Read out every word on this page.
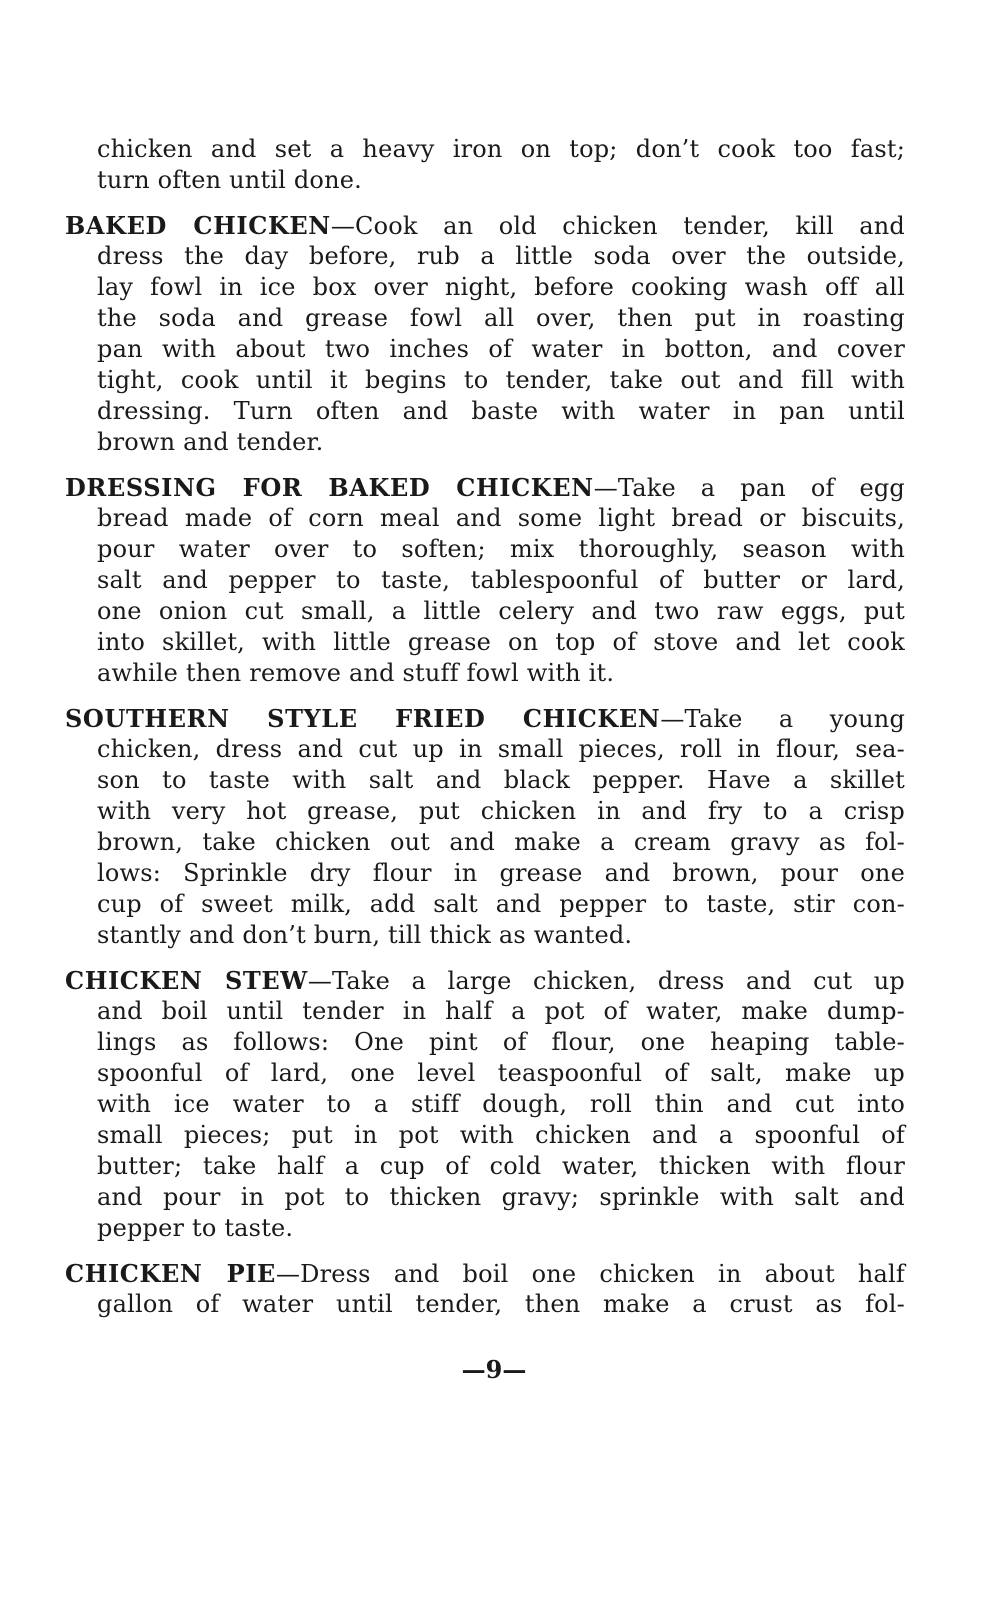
chicken and set a heavy iron on top; don’t cook too fast;
turn often until done.
BAKED CHICKEN—Cook an old chicken tender, kill and
dress the day before, rub a little soda over the outside,
lay fowl in ice box over night, before cooking wash off all
the soda and grease fowl all over, then put in roasting
pan with about two inches of water in botton, and cover
tight, cook until it begins to tender, take out and fill with
dressing. Turn often and baste with water in pan until
brown and tender.
DRESSING FOR BAKED CHICKEN—Take a pan of egg
bread made of corn meal and some light bread or biscuits,
pour water over to soften; mix thoroughly, season with
salt and pepper to taste, tablespoonful of butter or lard,
one onion cut small, a little celery and two raw eggs, put
into skillet, with little grease on top of stove and let cook
awhile then remove and stuff fowl with it.
SOUTHERN STYLE FRIED CHICKEN—Take a young
chicken, dress and cut up in small pieces, roll in flour, sea-
son to taste with salt and black pepper. Have a skillet
with very hot grease, put chicken in and fry to a crisp
brown, take chicken out and make a cream gravy as fol-
lows: Sprinkle dry flour in grease and brown, pour one
cup of sweet milk, add salt and pepper to taste, stir con-
stantly and don’t burn, till thick as wanted.
CHICKEN STEW—Take a large chicken, dress and cut up
and boil until tender in half a pot of water, make dump-
lings as follows: One pint of flour, one heaping table-
spoonful of lard, one level teaspoonful of salt, make up
with ice water to a stiff dough, roll thin and cut into
small pieces; put in pot with chicken and a spoonful of
butter; take half a cup of cold water, thicken with flour
and pour in pot to thicken gravy; sprinkle with salt and
pepper to taste.
CHICKEN PIE—Dress and boil one chicken in about half
gallon of water until tender, then make a crust as fol-
—9—
